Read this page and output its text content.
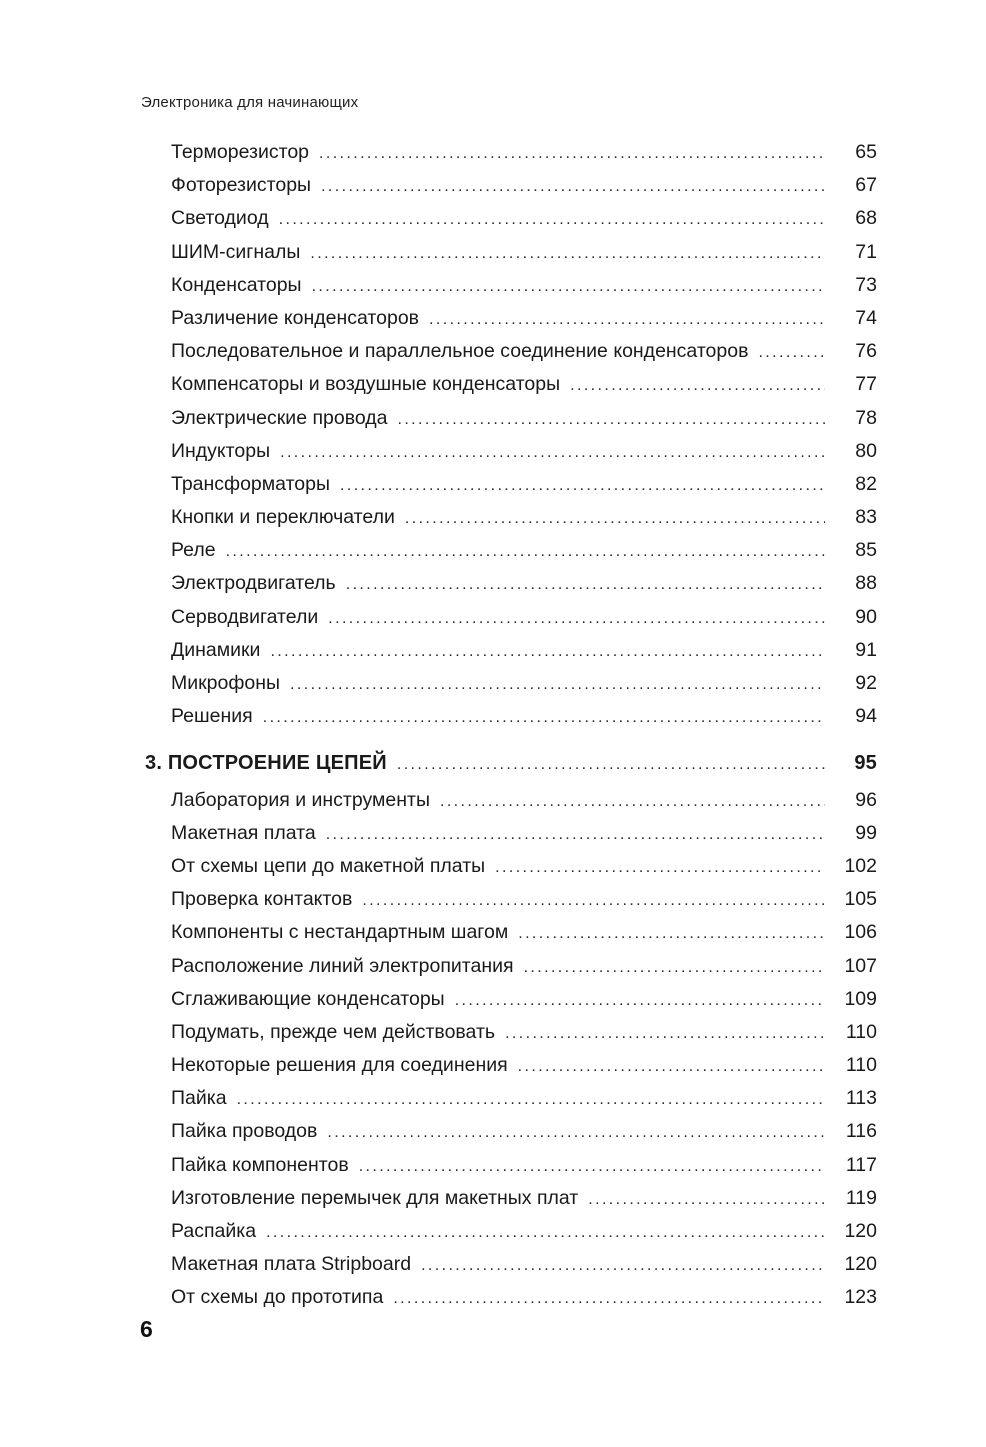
Электроника для начинающих
Терморезистор .....	65
Фоторезисторы .....	67
Светодиод .....	68
ШИМ-сигналы .....	71
Конденсаторы .....	73
Различение конденсаторов .....	74
Последовательное и параллельное соединение конденсаторов .....	76
Компенсаторы и воздушные конденсаторы .....	77
Электрические провода .....	78
Индукторы .....	80
Трансформаторы .....	82
Кнопки и переключатели .....	83
Реле .....	85
Электродвигатель .....	88
Серводвигатели .....	90
Динамики .....	91
Микрофоны .....	92
Решения .....	94
3. ПОСТРОЕНИЕ ЦЕПЕЙ .....	95
Лаборатория и инструменты .....	96
Макетная плата .....	99
От схемы цепи до макетной платы .....	102
Проверка контактов .....	105
Компоненты с нестандартным шагом .....	106
Расположение линий электропитания .....	107
Сглаживающие конденсаторы .....	109
Подумать, прежде чем действовать .....	110
Некоторые решения для соединения .....	110
Пайка .....	113
Пайка проводов .....	116
Пайка компонентов .....	117
Изготовление перемычек для макетных плат .....	119
Распайка .....	120
Макетная плата Stripboard .....	120
От схемы до прототипа .....	123
6
